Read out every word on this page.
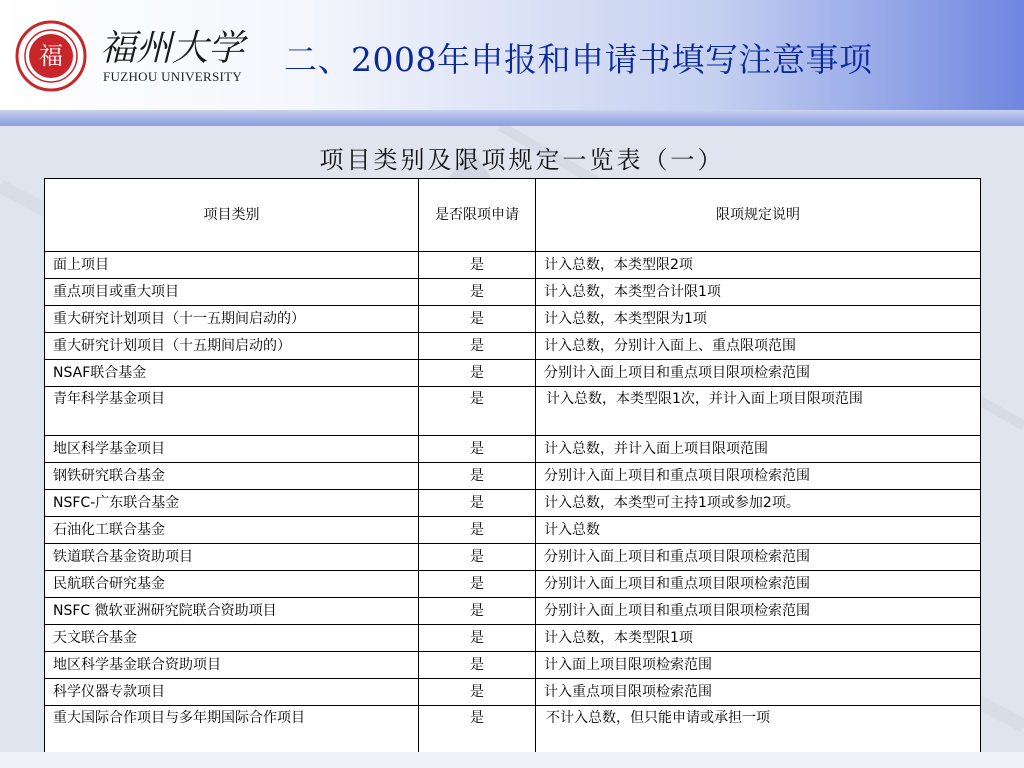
福 福州大学
FUZHOU UNIVERSITY 二、2008年申报和申请书填写注意事项
项目类别及限项规定一览表（一）
项目类别	是否限项申请	限项规定说明
面上项目	是	计入总数，本类型限2项
重点项目或重大项目	是	计入总数，本类型合计限1项
重大研究计划项目（十一五期间启动的）	是	计入总数，本类型限为1项
重大研究计划项目（十五期间启动的）	是	计入总数，分别计入面上、重点限项范围
NSAF联合基金	是	分别计入面上项目和重点项目限项检索范围
青年科学基金项目	是	计入总数，本类型限1次，并计入面上项目限项范围
地区科学基金项目	是	计入总数，并计入面上项目限项范围
钢铁研究联合基金	是	分别计入面上项目和重点项目限项检索范围
NSFC-广东联合基金	是	计入总数，本类型可主持1项或参加2项。
石油化工联合基金	是	计入总数
铁道联合基金资助项目	是	分别计入面上项目和重点项目限项检索范围
民航联合研究基金	是	分别计入面上项目和重点项目限项检索范围
NSFC 微软亚洲研究院联合资助项目	是	分别计入面上项目和重点项目限项检索范围
天文联合基金	是	计入总数，本类型限1项
地区科学基金联合资助项目	是	计入面上项目限项检索范围
科学仪器专款项目	是	计入重点项目限项检索范围
重大国际合作项目与多年期国际合作项目	是	不计入总数，但只能申请或承担一项
